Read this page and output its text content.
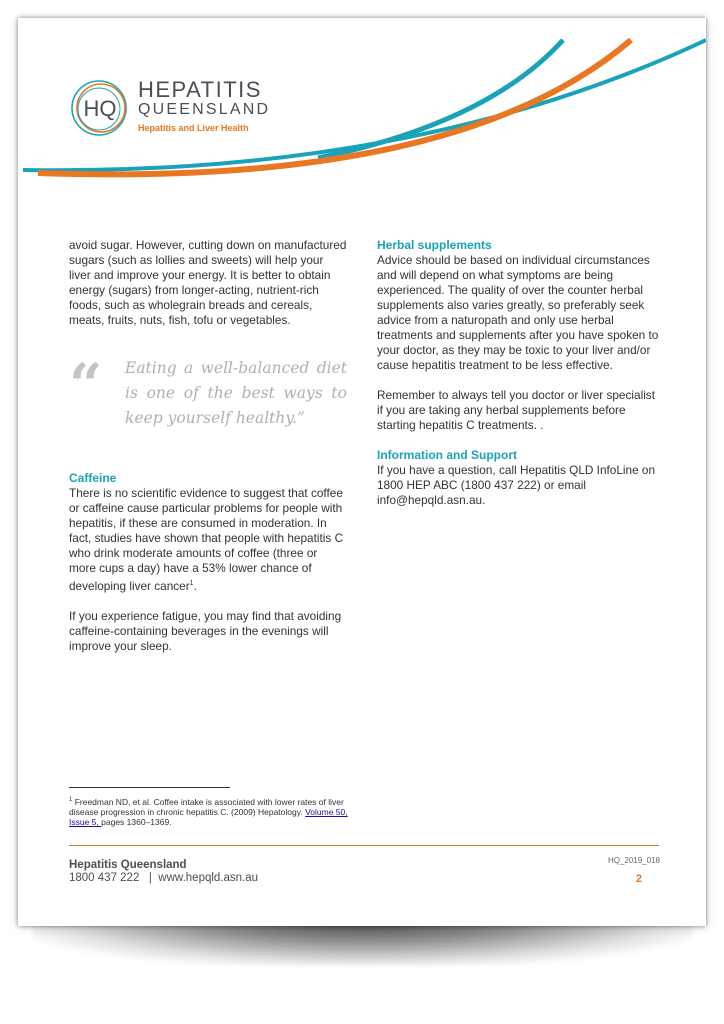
HQ
HEPATITIS
QUEENSLAND
Hepatitis and Liver Health

avoid sugar. However, cutting down on manufactured sugars (such as lollies and sweets) will help your liver and improve your energy. It is better to obtain energy (sugars) from longer-acting, nutrient-rich foods, such as wholegrain breads and cereals, meats, fruits, nuts, fish, tofu or vegetables.

“ Eating a well-balanced diet is one of the best ways to keep yourself healthy.”

Caffeine

There is no scientific evidence to suggest that coffee or caffeine cause particular problems for people with hepatitis, if these are consumed in moderation. In fact, studies have shown that people with hepatitis C who drink moderate amounts of coffee (three or more cups a day) have a 53% lower chance of developing liver cancer$^1$.

If you experience fatigue, you may find that avoiding caffeine-containing beverages in the evenings will improve your sleep.

Herbal supplements

Advice should be based on individual circumstances and will depend on what symptoms are being experienced. The quality of over the counter herbal supplements also varies greatly, so preferably seek advice from a naturopath and only use herbal treatments and supplements after you have spoken to your doctor, as they may be toxic to your liver and/or cause hepatitis treatment to be less effective.

Remember to always tell you doctor or liver specialist if you are taking any herbal supplements before starting hepatitis C treatments. .

Information and Support

If you have a question, call Hepatitis QLD InfoLine on 1800 HEP ABC (1800 437 222) or email info@hepqld.asn.au.

$^1$ Freedman ND, et al. Coffee intake is associated with lower rates of liver disease progression in chronic hepatitis C. (2009) Hepatology. Volume 50, Issue 5, pages 1360–1369.
Hepatitis Queensland
1800 437 222   |  www.hepqld.asn.au
HQ_2019_018
2
